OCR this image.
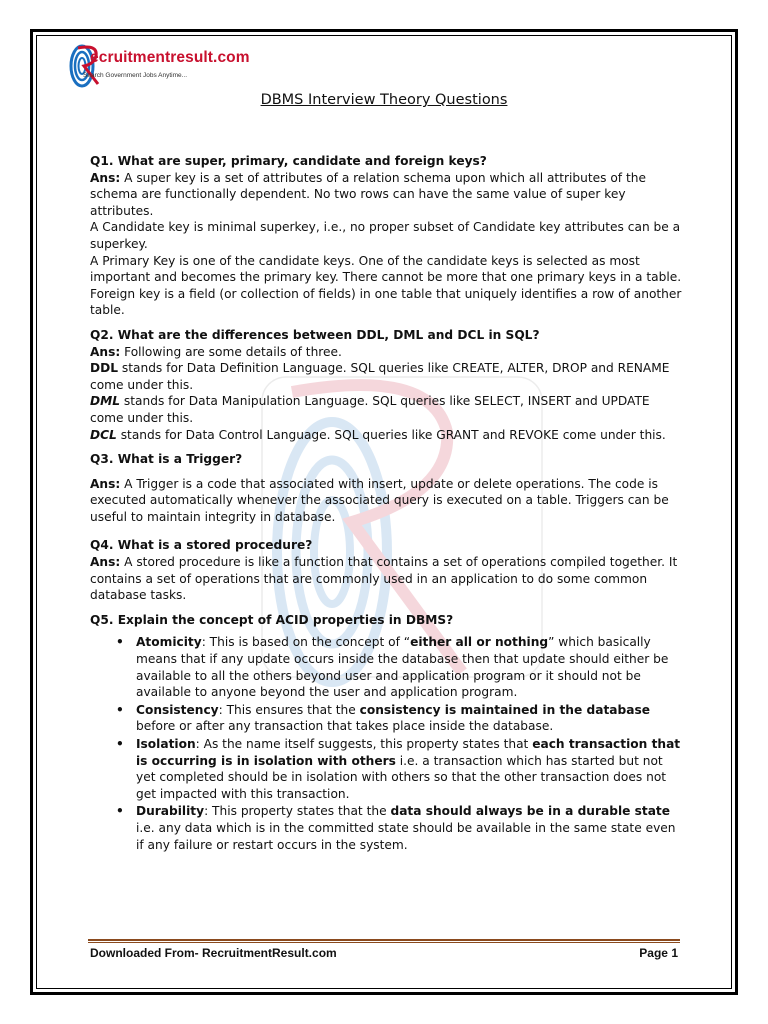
ecruitmentresult.com
Search Government Jobs Anytime...
DBMS Interview Theory Questions

Q1. What are super, primary, candidate and foreign keys?

Ans: A super key is a set of attributes of a relation schema upon which all attributes of the schema are functionally dependent. No two rows can have the same value of super key attributes.

A Candidate key is minimal superkey, i.e., no proper subset of Candidate key attributes can be a superkey.

A Primary Key is one of the candidate keys. One of the candidate keys is selected as most important and becomes the primary key. There cannot be more that one primary keys in a table.

Foreign key is a field (or collection of fields) in one table that uniquely identifies a row of another table.

Q2. What are the differences between DDL, DML and DCL in SQL?

Ans: Following are some details of three.

DDL stands for Data Definition Language. SQL queries like CREATE, ALTER, DROP and RENAME come under this.

DML stands for Data Manipulation Language. SQL queries like SELECT, INSERT and UPDATE come under this.

DCL stands for Data Control Language. SQL queries like GRANT and REVOKE come under this.

Q3. What is a Trigger?

Ans: A Trigger is a code that associated with insert, update or delete operations. The code is executed automatically whenever the associated query is executed on a table. Triggers can be useful to maintain integrity in database.

Q4. What is a stored procedure?

Ans: A stored procedure is like a function that contains a set of operations compiled together. It contains a set of operations that are commonly used in an application to do some common database tasks.

Q5. Explain the concept of ACID properties in DBMS?

• Atomicity: This is based on the concept of “either all or nothing” which basically means that if any update occurs inside the database then that update should either be available to all the others beyond user and application program or it should not be available to anyone beyond the user and application program.
• Consistency: This ensures that the consistency is maintained in the database before or after any transaction that takes place inside the database.
• Isolation: As the name itself suggests, this property states that each transaction that is occurring is in isolation with others i.e. a transaction which has started but not yet completed should be in isolation with others so that the other transaction does not get impacted with this transaction.
• Durability: This property states that the data should always be in a durable state i.e. any data which is in the committed state should be available in the same state even if any failure or restart occurs in the system.
Downloaded From- RecruitmentResult.com	Page 1
